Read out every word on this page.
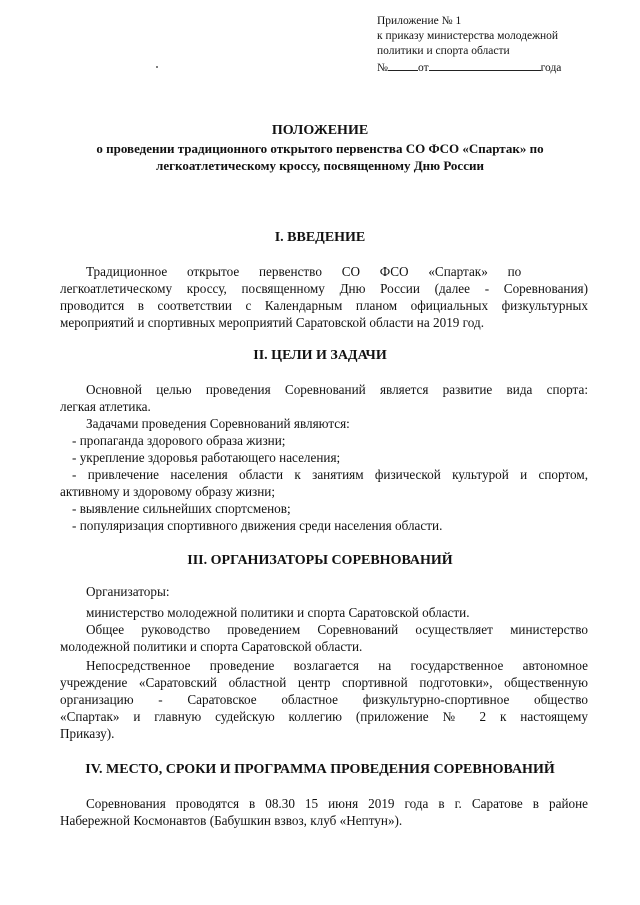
Приложение № 1
к приказу министерства молодежной
политики и спорта области
№	от	года
ПОЛОЖЕНИЕ
о проведении традиционного открытого первенства СО ФСО «Спартак» по
легкоатлетическому кроссу, посвященному Дню России
I. ВВЕДЕНИЕ
Традиционное      открытое      первенство      СО      ФСО      «Спартак»      по
легкоатлетическому кроссу, посвященному Дню России (далее - Соревнования)
проводится в соответствии с Календарным планом официальных физкультурных
мероприятий и спортивных мероприятий Саратовской области на 2019 год.
II. ЦЕЛИ И ЗАДАЧИ
Основной целью проведения Соревнований является развитие вида спорта:
легкая атлетика.
Задачами проведения Соревнований являются:
- пропаганда здорового образа жизни;
- укрепление здоровья работающего населения;
- привлечение населения области к занятиям физической культурой и спортом,
активному и здоровому образу жизни;
- выявление сильнейших спортсменов;
- популяризация спортивного движения среди населения области.
III. ОРГАНИЗАТОРЫ СОРЕВНОВАНИЙ
Организаторы:
министерство молодежной политики и спорта Саратовской области.
Общее руководство проведением Соревнований осуществляет министерство
молодежной политики и спорта Саратовской области.
Непосредственное проведение возлагается на государственное автономное
учреждение «Саратовский областной центр спортивной подготовки», общественную
организацию - Саратовское областное физкультурно-спортивное общество
«Спартак» и главную судейскую коллегию (приложение № 2 к настоящему
Приказу).
IV. МЕСТО, СРОКИ И ПРОГРАММА ПРОВЕДЕНИЯ СОРЕВНОВАНИЙ
Соревнования проводятся в 08.30 15 июня 2019 года в г. Саратове в районе
Набережной Космонавтов (Бабушкин взвоз, клуб «Нептун»).
